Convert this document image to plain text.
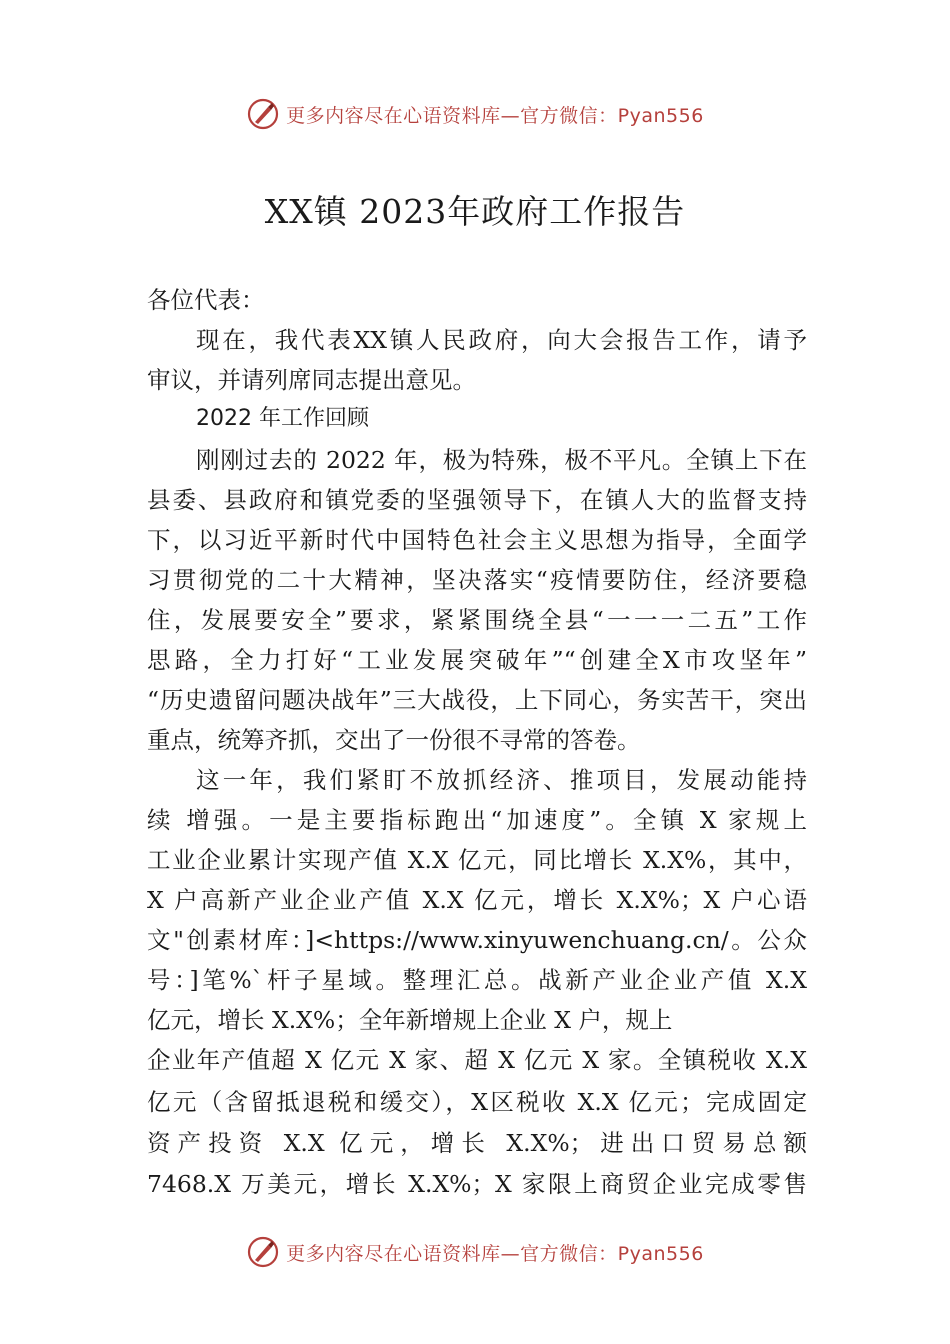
更多内容尽在心语资料库—官方微信：Pyan556
XX镇 2023年政府工作报告
各位代表：
现在，我代表XX镇人民政府，向大会报告工作，请予
审议，并请列席同志提出意见。
2022 年工作回顾
刚刚过去的 2022 年，极为特殊，极不平凡。全镇上下在
县委、县政府和镇党委的坚强领导下，在镇人大的监督支持
下，以习近平新时代中国特色社会主义思想为指导，全面学
习贯彻党的二十大精神，坚决落实“疫情要防住，经济要稳
住，发展要安全”要求，紧紧围绕全县“一一一二五”工作
思路，全力打好“工业发展突破年”“创建全X市攻坚年”
“历史遗留问题决战年”三大战役，上下同心，务实苦干，突出
重点，统筹齐抓，交出了一份很不寻常的答卷。
这一年，我们紧盯不放抓经济、推项目，发展动能持
续 增强。一是主要指标跑出“加速度”。全镇 X 家规上
工业企业累计实现产值 X.X 亿元，同比增长 X.X%，其中，
X 户高新产业企业产值 X.X 亿元，增长 X.X%；X 户心语
文"创素材库：]<https://www.xinyuwenchuang.cn/。公众
号：]笔%`杆子星域。整理汇总。战新产业企业产值 X.X
亿元，增长 X.X%；全年新增规上企业 X 户，规上
企业年产值超 X 亿元 X 家、超 X 亿元 X 家。全镇税收 X.X
亿元（含留抵退税和缓交），X区税收 X.X 亿元；完成固定
资产投资 X.X 亿元，增长 X.X%；进出口贸易总额
7468.X 万美元，增长 X.X%；X 家限上商贸企业完成零售
更多内容尽在心语资料库—官方微信：Pyan556
